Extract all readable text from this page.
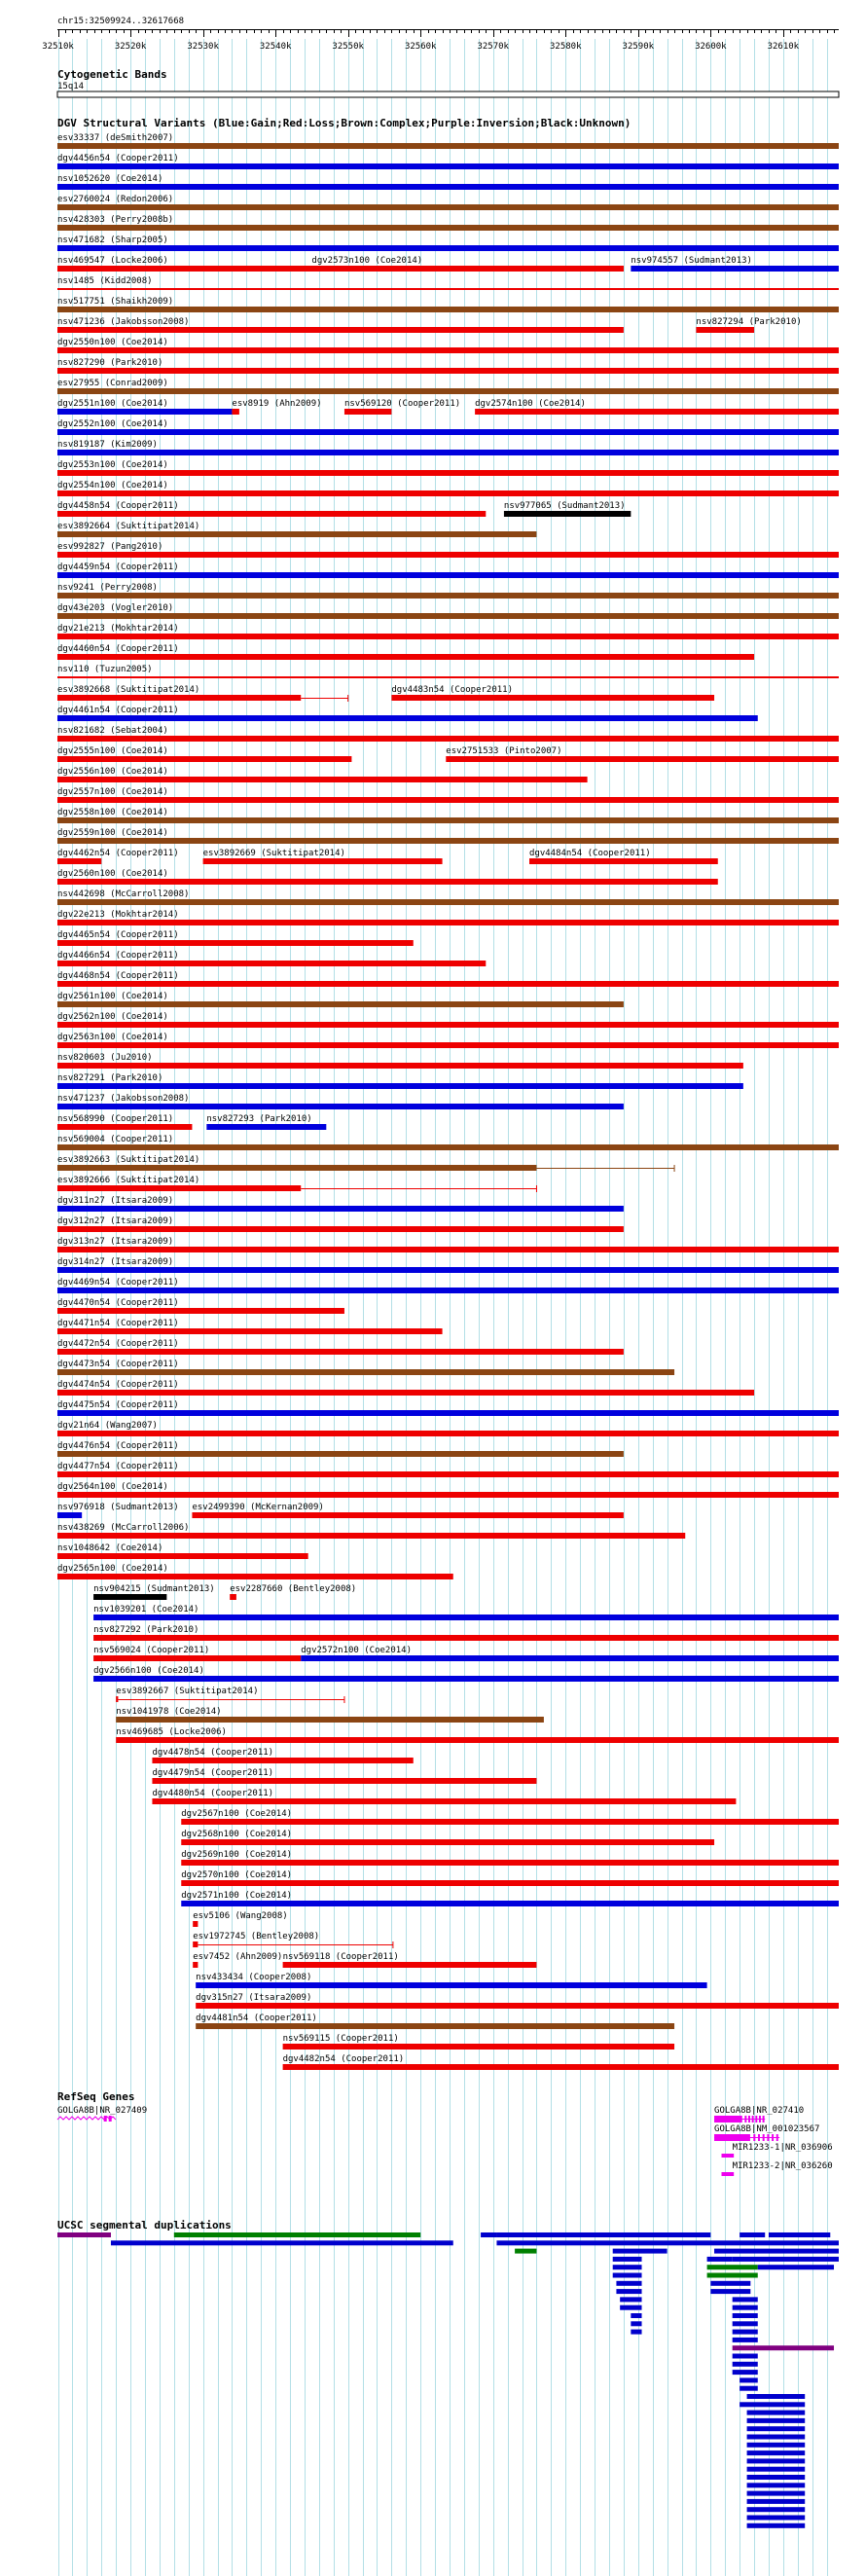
chr15:32509924..32617668
32510k	32520k	32530k	32540k	32550k	32560k	32570k	32580k	32590k	32600k	32610k
Cytogenetic Bands
15q14
DGV Structural Variants (Blue:Gain;Red:Loss;Brown:Complex;Purple:Inversion;Black:Unknown)
esv33337 (deSmith2007)
dgv4456n54 (Cooper2011)
nsv1052620 (Coe2014)
esv2760024 (Redon2006)
nsv428303 (Perry2008b)
nsv471682 (Sharp2005)
nsv469547 (Locke2006)	dgv2573n100 (Coe2014)	nsv974557 (Sudmant2013)
nsv1485 (Kidd2008)
nsv517751 (Shaikh2009)
nsv471236 (Jakobsson2008)	nsv827294 (Park2010)
dgv2550n100 (Coe2014)
nsv827290 (Park2010)
esv27955 (Conrad2009)
dgv2551n100 (Coe2014)	esv8919 (Ahn2009)	nsv569120 (Cooper2011) dgv2574n100 (Coe2014)
dgv2552n100 (Coe2014)
nsv819187 (Kim2009)
dgv2553n100 (Coe2014)
dgv2554n100 (Coe2014)
dgv4458n54 (Cooper2011)	nsv977065 (Sudmant2013)
esv3892664 (Suktitipat2014)
esv992827 (Pang2010)
dgv4459n54 (Cooper2011)
nsv9241 (Perry2008)
dgv43e203 (Vogler2010)
dgv21e213 (Mokhtar2014)
dgv4460n54 (Cooper2011)
nsv110 (Tuzun2005)
esv3892668 (Suktitipat2014)	dgv4483n54 (Cooper2011)
dgv4461n54 (Cooper2011)
nsv821682 (Sebat2004)
dgv2555n100 (Coe2014)	esv2751533 (Pinto2007)
dgv2556n100 (Coe2014)
dgv2557n100 (Coe2014)
dgv2558n100 (Coe2014)
dgv2559n100 (Coe2014)
dgv4462n54 (Cooper2011)	esv3892669 (Suktitipat2014)	dgv4484n54 (Cooper2011)
dgv2560n100 (Coe2014)
nsv442698 (McCarroll2008)
dgv22e213 (Mokhtar2014)
dgv4465n54 (Cooper2011)
dgv4466n54 (Cooper2011)
dgv4468n54 (Cooper2011)
dgv2561n100 (Coe2014)
dgv2562n100 (Coe2014)
dgv2563n100 (Coe2014)
nsv820603 (Ju2010)
nsv827291 (Park2010)
nsv471237 (Jakobsson2008)
nsv568990 (Cooper2011)	nsv827293 (Park2010)
nsv569004 (Cooper2011)
esv3892663 (Suktitipat2014)
esv3892666 (Suktitipat2014)
dgv311n27 (Itsara2009)
dgv312n27 (Itsara2009)
dgv313n27 (Itsara2009)
dgv314n27 (Itsara2009)
dgv4469n54 (Cooper2011)
dgv4470n54 (Cooper2011)
dgv4471n54 (Cooper2011)
dgv4472n54 (Cooper2011)
dgv4473n54 (Cooper2011)
dgv4474n54 (Cooper2011)
dgv4475n54 (Cooper2011)
dgv21n64 (Wang2007)
dgv4476n54 (Cooper2011)
dgv4477n54 (Cooper2011)
dgv2564n100 (Coe2014)
nsv976918 (Sudmant2013) esv2499390 (McKernan2009)
nsv438269 (McCarroll2006)
nsv1048642 (Coe2014)
dgv2565n100 (Coe2014)
nsv904215 (Sudmant2013) esv2287660 (Bentley2008)
nsv1039201 (Coe2014)
nsv827292 (Park2010)
nsv569024 (Cooper2011)	dgv2572n100 (Coe2014)
dgv2566n100 (Coe2014)
esv3892667 (Suktitipat2014)
nsv1041978 (Coe2014)
nsv469685 (Locke2006)
dgv4478n54 (Cooper2011)
dgv4479n54 (Cooper2011)
dgv4480n54 (Cooper2011)
dgv2567n100 (Coe2014)
dgv2568n100 (Coe2014)
dgv2569n100 (Coe2014)
dgv2570n100 (Coe2014)
dgv2571n100 (Coe2014)
esv5106 (Wang2008)
esv1972745 (Bentley2008)
esv7452 (Ahn2009) nsv569118 (Cooper2011)
nsv433434 (Cooper2008)
dgv315n27 (Itsara2009)
dgv4481n54 (Cooper2011)
nsv569115 (Cooper2011)
dgv4482n54 (Cooper2011)
RefSeq Genes
GOLGA8B|NR_027409	GOLGA8B|NR_027410
GOLGA8B|NM_001023567
MIR1233-1|NR_036906
MIR1233-2|NR_036260
UCSC segmental duplications
